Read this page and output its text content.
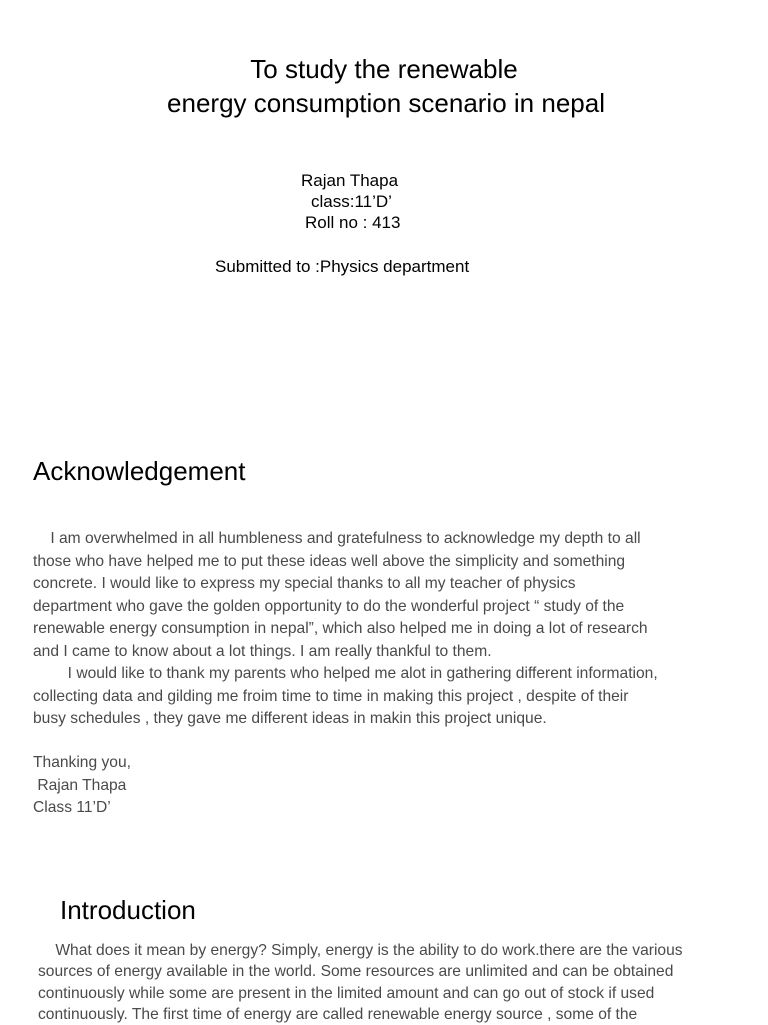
To study the renewable

energy consumption scenario in nepal

Rajan Thapa

class:11’D’

Roll no : 413

Submitted to :Physics department

Acknowledgement
I am overwhelmed in all humbleness and gratefulness to acknowledge my depth to all
those who have helped me to put these ideas well above the simplicity and something
concrete. I would like to express my special thanks to all my teacher of physics
department who gave the golden opportunity to do the wonderful project “ study of the
renewable energy consumption in nepal”, which also helped me in doing a lot of research
and I came to know about a lot things. I am really thankful to them.
I would like to thank my parents who helped me alot in gathering different information,
collecting data and gilding me froim time to time in making this project , despite of their
busy schedules , they gave me different ideas in makin this project unique.
Thanking you,
Rajan Thapa
Class 11’D’
Introduction
What does it mean by energy? Simply, energy is the ability to do work.there are the various
sources of energy available in the world. Some resources are unlimited and can be obtained
continuously while some are present in the limited amount and can go out of stock if used
continuously. The first time of energy are called renewable energy source , some of the
